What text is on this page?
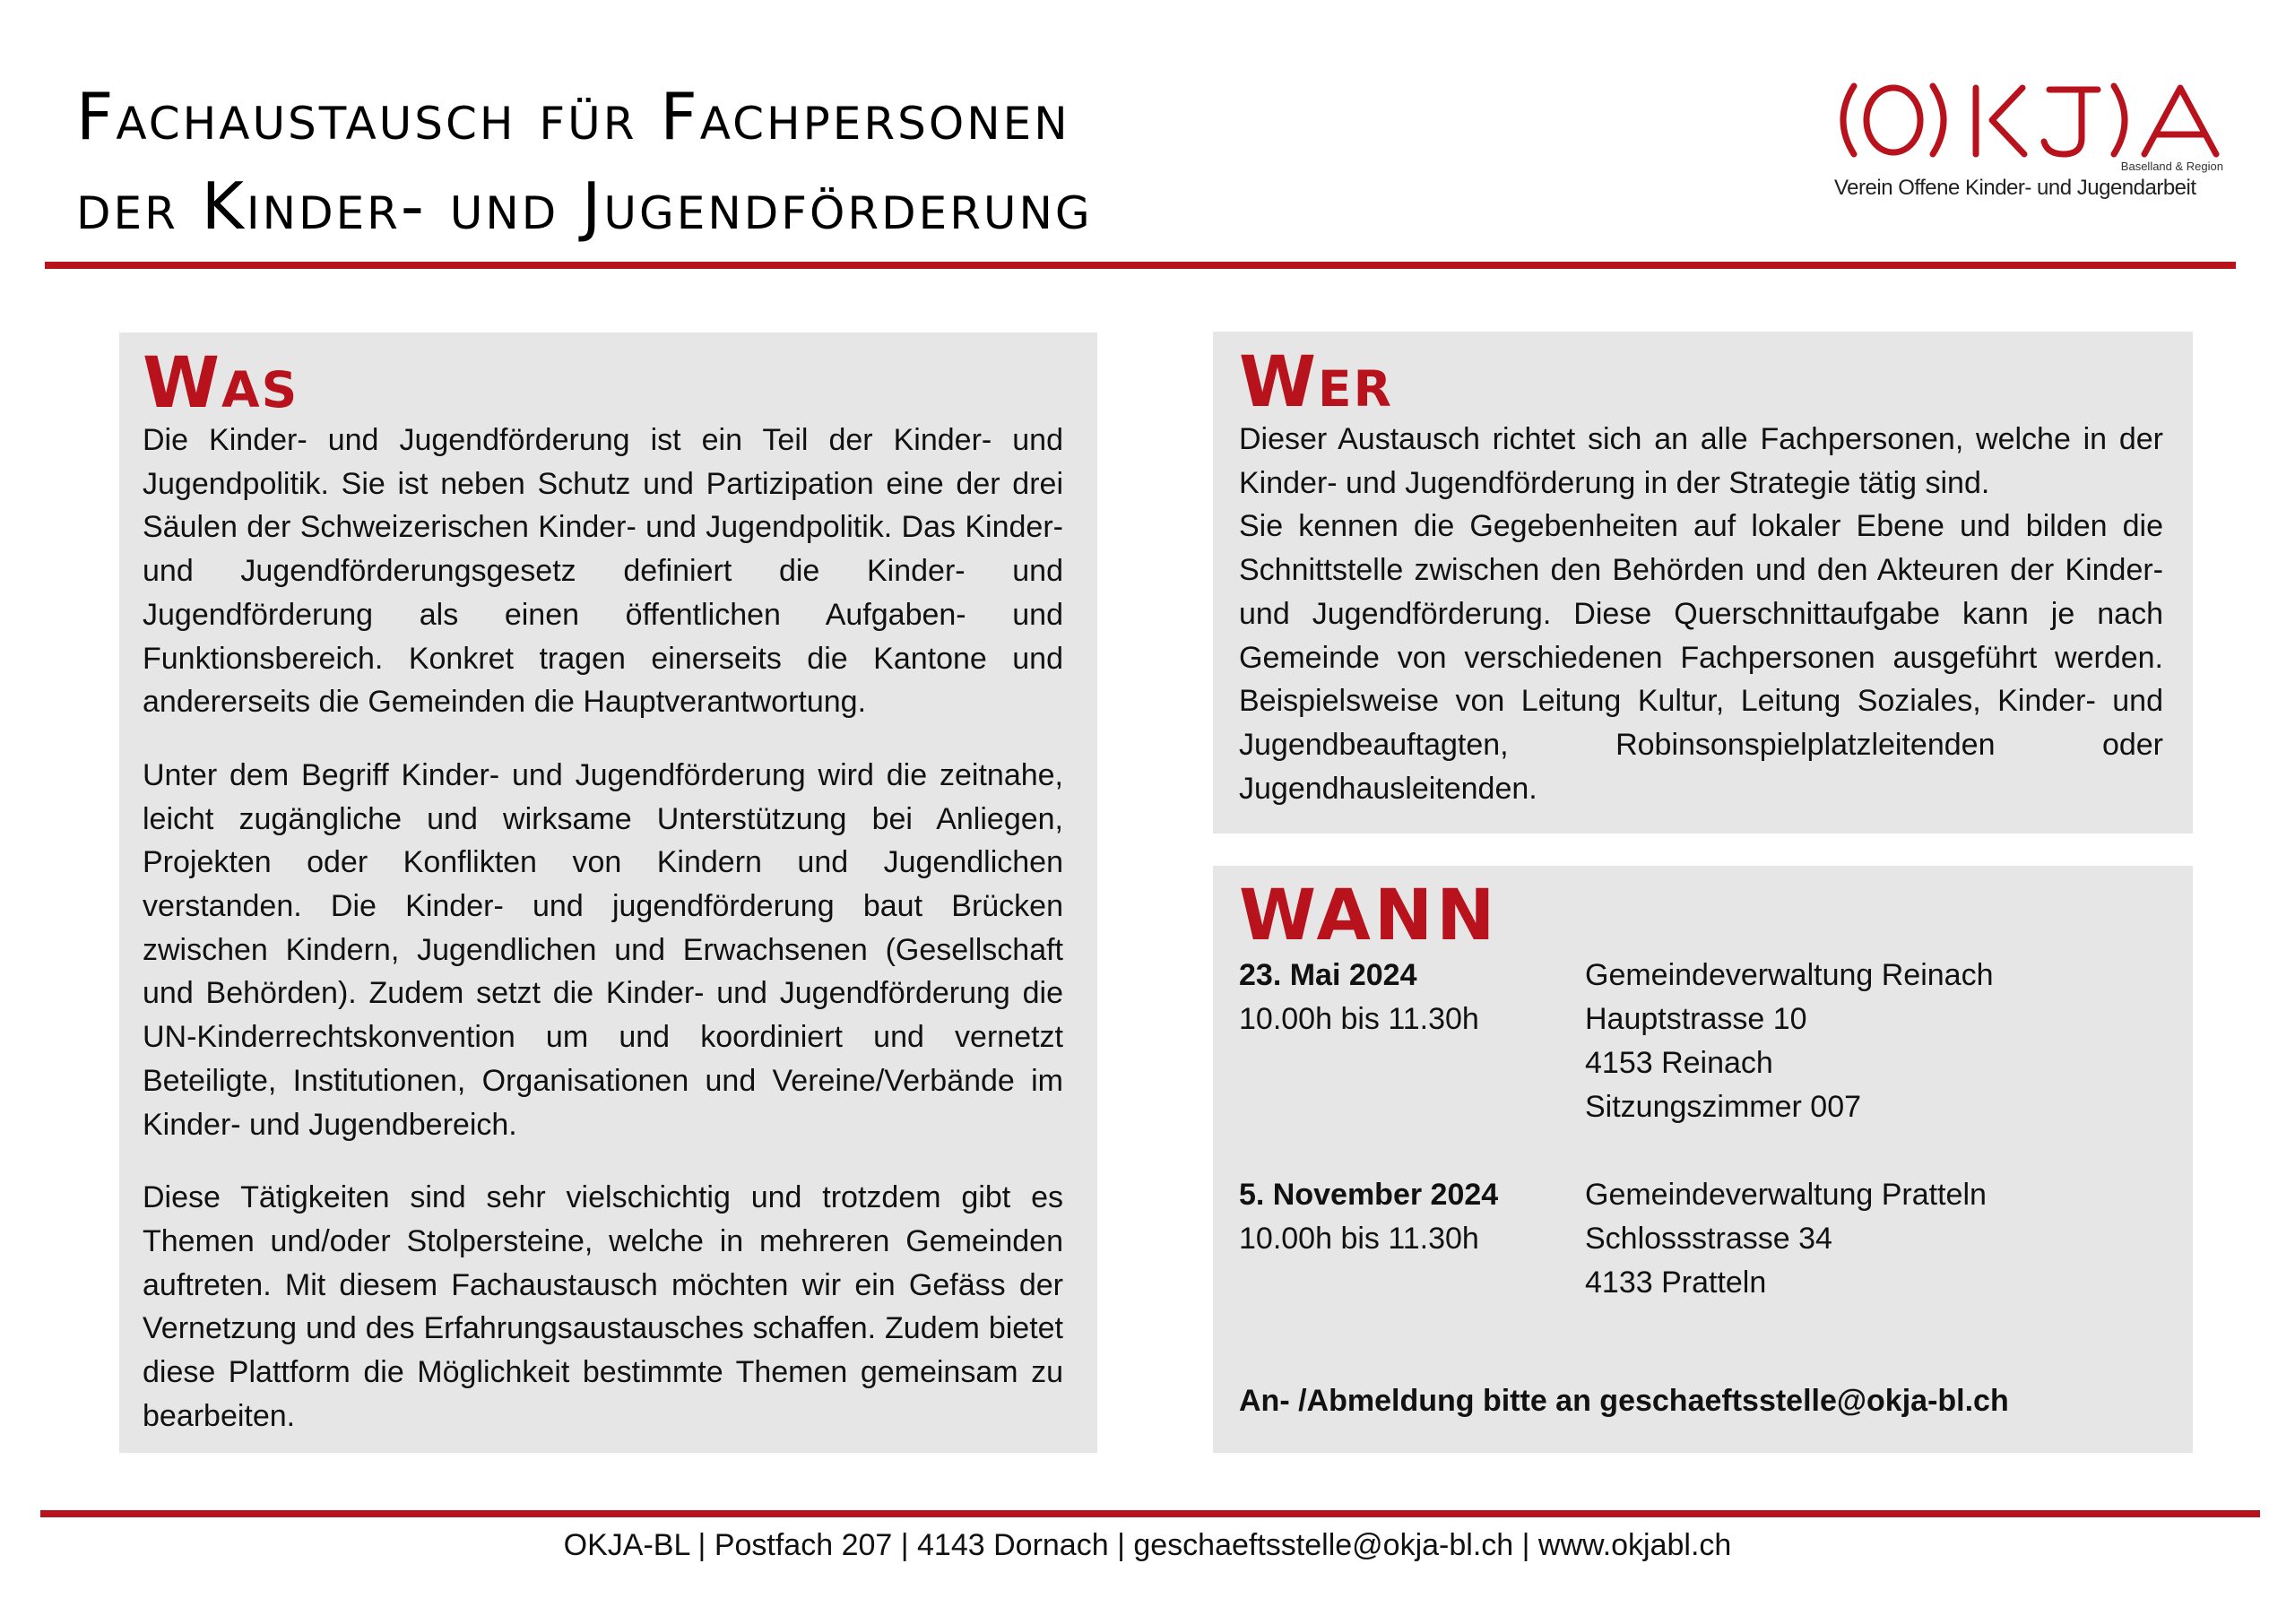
Fachaustausch für Fachpersonen
der Kinder- und Jugendförderung
Baselland & Region
Verein Offene Kinder- und Jugendarbeit
Was

Die Kinder- und Jugendförderung ist ein Teil der Kinder- und Jugendpolitik. Sie ist neben Schutz und Partizipation eine der drei Säulen der Schweizerischen Kinder- und Jugendpolitik. Das Kinder- und Jugendförderungsgesetz definiert die Kinder- und Jugendförderung als einen öffentlichen Aufgaben- und Funktionsbereich. Konkret tragen einerseits die Kantone und andererseits die Gemeinden die Hauptverantwortung.

Unter dem Begriff Kinder- und Jugendförderung wird die zeitnahe, leicht zugängliche und wirksame Unterstützung bei Anliegen, Projekten oder Konflikten von Kindern und Jugendlichen verstanden. Die Kinder- und jugendförderung baut Brücken zwischen Kindern, Jugendlichen und Erwachsenen (Gesellschaft und Behörden). Zudem setzt die Kinder- und Jugendförderung die UN-Kinderrechtskonvention um und koordiniert und vernetzt Beteiligte, Institutionen, Organisationen und Vereine/Verbände im Kinder- und Jugendbereich.

Diese Tätigkeiten sind sehr vielschichtig und trotzdem gibt es Themen und/oder Stolpersteine, welche in mehreren Gemeinden auftreten. Mit diesem Fachaustausch möchten wir ein Gefäss der Vernetzung und des Erfahrungsaustausches schaffen. Zudem bietet diese Plattform die Möglichkeit bestimmte Themen gemeinsam zu bearbeiten.

Wer

Dieser Austausch richtet sich an alle Fachpersonen, welche in der Kinder- und Jugendförderung in der Strategie tätig sind.

Sie kennen die Gegebenheiten auf lokaler Ebene und bilden die Schnittstelle zwischen den Behörden und den Akteuren der Kinder- und Jugendförderung. Diese Querschnittaufgabe kann je nach Gemeinde von verschiedenen Fachpersonen ausgeführt werden. Beispielsweise von Leitung Kultur, Leitung Soziales, Kinder- und Jugendbeauftagten, Robinsonspielplatzleitenden oder Jugendhausleitenden.

WANN
23. Mai 2024
10.00h bis 11.30h
Gemeindeverwaltung Reinach
Hauptstrasse 10
4153 Reinach
Sitzungszimmer 007
5. November 2024
10.00h bis 11.30h
Gemeindeverwaltung Pratteln
Schlossstrasse 34
4133 Pratteln
An- /Abmeldung bitte an geschaeftsstelle@okja-bl.ch
OKJA-BL | Postfach 207 | 4143 Dornach | geschaeftsstelle@okja-bl.ch | www.okjabl.ch
